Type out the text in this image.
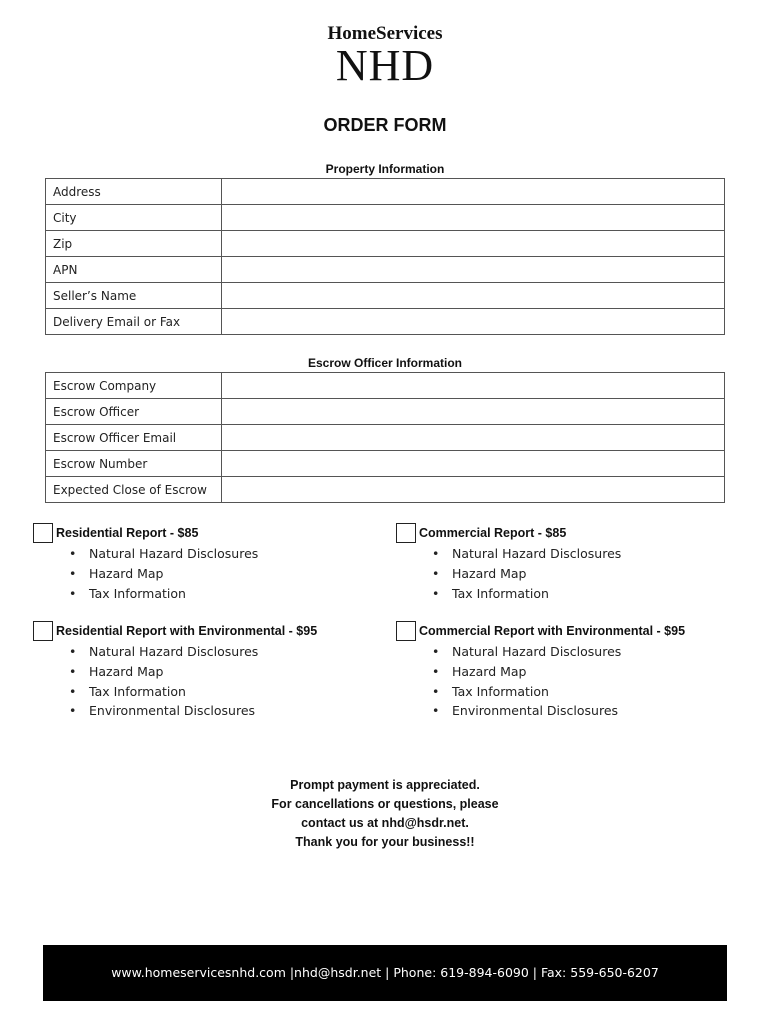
HomeServices
NHD
ORDER FORM
Property Information
Address	
City	
Zip	
APN	
Seller’s Name	
Delivery Email or Fax	
Escrow Officer Information
Escrow Company	
Escrow Officer	
Escrow Officer Email	
Escrow Number	
Expected Close of Escrow	
Residential Report - $85
• Natural Hazard Disclosures
• Hazard Map
• Tax Information
Commercial Report - $85
• Natural Hazard Disclosures
• Hazard Map
• Tax Information
Residential Report with Environmental - $95
• Natural Hazard Disclosures
• Hazard Map
• Tax Information
• Environmental Disclosures
Commercial Report with Environmental - $95
• Natural Hazard Disclosures
• Hazard Map
• Tax Information
• Environmental Disclosures
Prompt payment is appreciated.
For cancellations or questions, please
contact us at nhd@hsdr.net.
Thank you for your business!!
www.homeservicesnhd.com |nhd@hsdr.net | Phone: 619-894-6090 | Fax: 559-650-6207
